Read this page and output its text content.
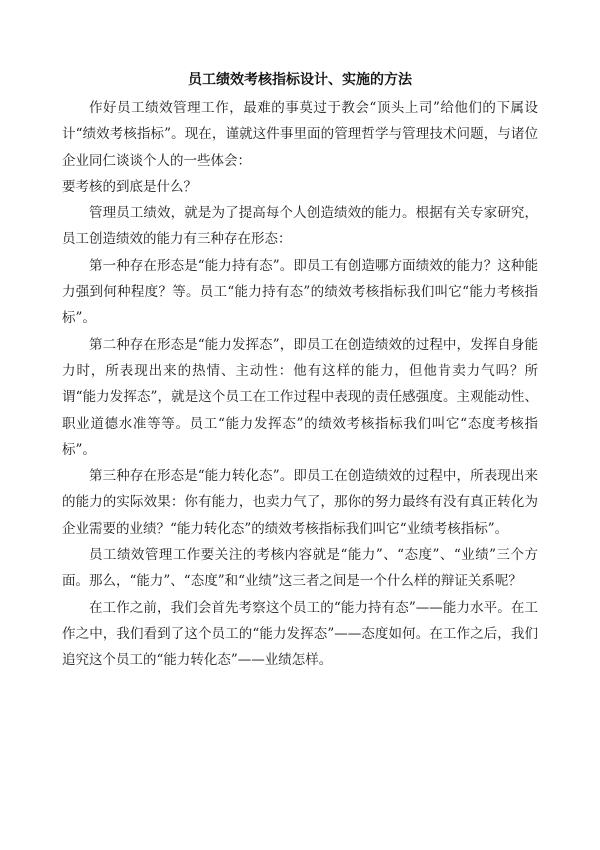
员工绩效考核指标设计、实施的方法

作好员工绩效管理工作，最难的事莫过于教会“顶头上司”给他们的下属设计“绩效考核指标”。现在，谨就这件事里面的管理哲学与管理技术问题，与诸位企业同仁谈谈个人的一些体会：

要考核的到底是什么？

管理员工绩效，就是为了提高每个人创造绩效的能力。根据有关专家研究，员工创造绩效的能力有三种存在形态：

第一种存在形态是“能力持有态”。即员工有创造哪方面绩效的能力？这种能力强到何种程度？等。员工“能力持有态”的绩效考核指标我们叫它“能力考核指标”。

第二种存在形态是“能力发挥态”，即员工在创造绩效的过程中，发挥自身能力时，所表现出来的热情、主动性：他有这样的能力，但他肯卖力气吗？所谓“能力发挥态”，就是这个员工在工作过程中表现的责任感强度。主观能动性、职业道德水准等等。员工“能力发挥态”的绩效考核指标我们叫它“态度考核指标”。

第三种存在形态是“能力转化态”。即员工在创造绩效的过程中，所表现出来的能力的实际效果：你有能力，也卖力气了，那你的努力最终有没有真正转化为企业需要的业绩？“能力转化态”的绩效考核指标我们叫它“业绩考核指标”。

员工绩效管理工作要关注的考核内容就是“能力”、“态度”、“业绩”三个方面。那么，“能力”、“态度”和“业绩”这三者之间是一个什么样的辩证关系呢？

在工作之前，我们会首先考察这个员工的“能力持有态”——能力水平。在工作之中，我们看到了这个员工的“能力发挥态”——态度如何。在工作之后，我们追究这个员工的“能力转化态”——业绩怎样。
